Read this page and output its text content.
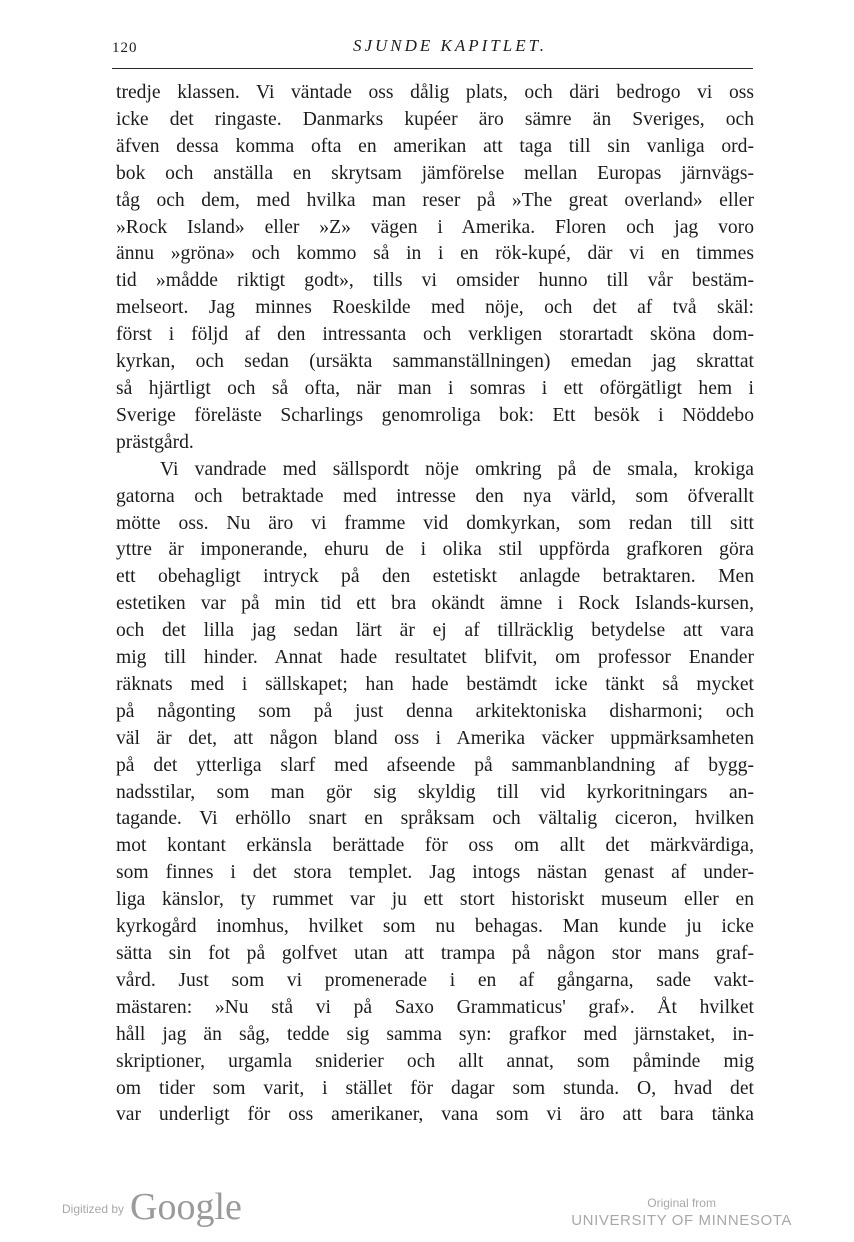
120	SJUNDE KAPITLET.
tredje klassen. Vi väntade oss dålig plats, och däri bedrogo vi oss
icke det ringaste. Danmarks kupéer äro sämre än Sveriges, och
äfven dessa komma ofta en amerikan att taga till sin vanliga ord-
bok och anställa en skrytsam jämförelse mellan Europas järnvägs-
tåg och dem, med hvilka man reser på »The great overland» eller
»Rock Island» eller »Z» vägen i Amerika. Floren och jag voro
ännu »gröna» och kommo så in i en rök-kupé, där vi en timmes
tid »mådde riktigt godt», tills vi omsider hunno till vår bestäm-
melseort. Jag minnes Roeskilde med nöje, och det af två skäl:
först i följd af den intressanta och verkligen storartadt sköna dom-
kyrkan, och sedan (ursäkta sammanställningen) emedan jag skrattat
så hjärtligt och så ofta, när man i somras i ett oförgätligt hem i
Sverige föreläste Scharlings genomroliga bok: Ett besök i Nöddebo
prästgård.
Vi vandrade med sällspordt nöje omkring på de smala, krokiga
gatorna och betraktade med intresse den nya värld, som öfverallt
mötte oss. Nu äro vi framme vid domkyrkan, som redan till sitt
yttre är imponerande, ehuru de i olika stil uppförda grafkoren göra
ett obehagligt intryck på den estetiskt anlagde betraktaren. Men
estetiken var på min tid ett bra okändt ämne i Rock Islands-kursen,
och det lilla jag sedan lärt är ej af tillräcklig betydelse att vara
mig till hinder. Annat hade resultatet blifvit, om professor Enander
räknats med i sällskapet; han hade bestämdt icke tänkt så mycket
på någonting som på just denna arkitektoniska disharmoni; och
väl är det, att någon bland oss i Amerika väcker uppmärksamheten
på det ytterliga slarf med afseende på sammanblandning af bygg-
nadsstilar, som man gör sig skyldig till vid kyrkoritningars an-
tagande. Vi erhöllo snart en språksam och vältalig ciceron, hvilken
mot kontant erkänsla berättade för oss om allt det märkvärdiga,
som finnes i det stora templet. Jag intogs nästan genast af under-
liga känslor, ty rummet var ju ett stort historiskt museum eller en
kyrkogård inomhus, hvilket som nu behagas. Man kunde ju icke
sätta sin fot på golfvet utan att trampa på någon stor mans graf-
vård. Just som vi promenerade i en af gångarna, sade vakt-
mästaren: »Nu stå vi på Saxo Grammaticus' graf». Åt hvilket
håll jag än såg, tedde sig samma syn: grafkor med järnstaket, in-
skriptioner, urgamla sniderier och allt annat, som påminde mig
om tider som varit, i stället för dagar som stunda. O, hvad det
var underligt för oss amerikaner, vana som vi äro att bara tänka
Digitized by Google	Original from
UNIVERSITY OF MINNESOTA
